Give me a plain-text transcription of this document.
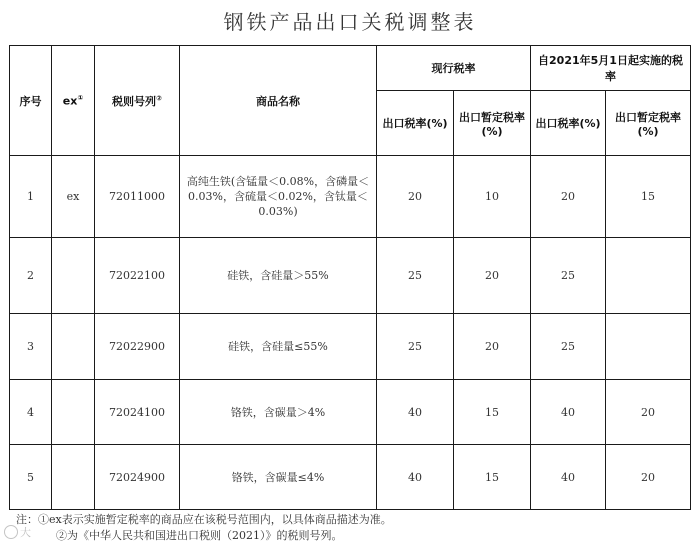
钢铁产品出口关税调整表
序号	ex①	税则号列②	商品名称	现行税率		自2021年5月1日起实施的税率	
				出口税率(%)	出口暂定税率(%)	出口税率(%)	出口暂定税率(%)
1	ex	72011000	高纯生铁(含锰量＜0.08%，含磷量＜0.03%，含硫量＜0.02%，含钛量＜0.03%)	20	10	20	15
2		72022100	硅铁，含硅量＞55%	25	20	25	
3		72022900	硅铁，含硅量≤55%	25	20	25	
4		72024100	铬铁，含碳量＞4%	40	15	40	20
5		72024900	铬铁，含碳量≤4%	40	15	40	20
注：①ex表示实施暂定税率的商品应在该税号范围内，以具体商品描述为准。
②为《中华人民共和国进出口税则（2021）》的税则号列。
大
